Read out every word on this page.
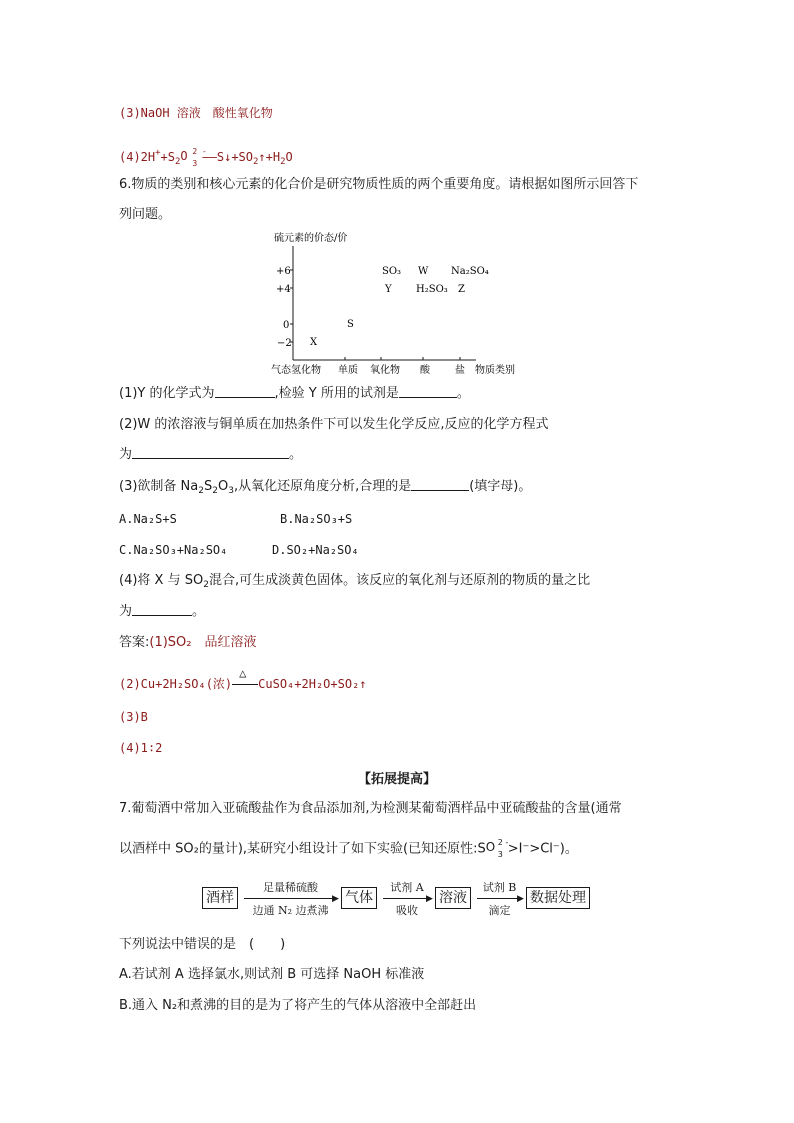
(3)NaOH 溶液　酸性氧化物
$(4)2H^++S_2$ O 2 -
3 $——S↓+SO_2↑+H_2O$
6.物质的类别和核心元素的化合价是研究物质性质的两个重要角度。请根据如图所示回答下
列问题。
硫元素的价态/价
+6
+4
0
−2
SO₃ W Na₂SO₄
Y H₂SO₃ Z
S
X
气态氢化物 单质 氧化物 酸	盐 物质类别
(1)Y 的化学式为	,检验 Y 所用的试剂是	。
(2)W 的浓溶液与铜单质在加热条件下可以发生化学反应,反应的化学方程式
为	。
(3)欲制备 $Na_2S_2O_3$,从氧化还原角度分析,合理的是	(填字母)。
A.Na₂S+S	B.Na₂SO₃+S
C.Na₂SO₃+Na₂SO₄	D.SO₂+Na₂SO₄
(4)将 X 与 $SO_2$混合,可生成淡黄色固体。该反应的氧化剂与还原剂的物质的量之比
为	。
答案:(1)SO₂　品红溶液
(2)Cu+2H₂SO₄(浓)
△
CuSO₄+2H₂O+SO₂↑
(3)B
(4)1∶2
【拓展提高】
7.葡萄酒中常加入亚硫酸盐作为食品添加剂,为检测某葡萄酒样品中亚硫酸盐的含量(通常
以酒样中 SO₂的量计),某研究小组设计了如下实验(已知还原性:S O 2 -
3 >I⁻>Cl⁻)。
酒样
足量稀硫酸
▶
边通 N₂ 边煮沸
气体
试剂 A
▶
吸收
溶液
试剂 B
▶
滴定
数据处理
下列说法中错误的是　(　　)
A.若试剂 A 选择氯水,则试剂 B 可选择 NaOH 标准液
B.通入 N₂和煮沸的目的是为了将产生的气体从溶液中全部赶出
